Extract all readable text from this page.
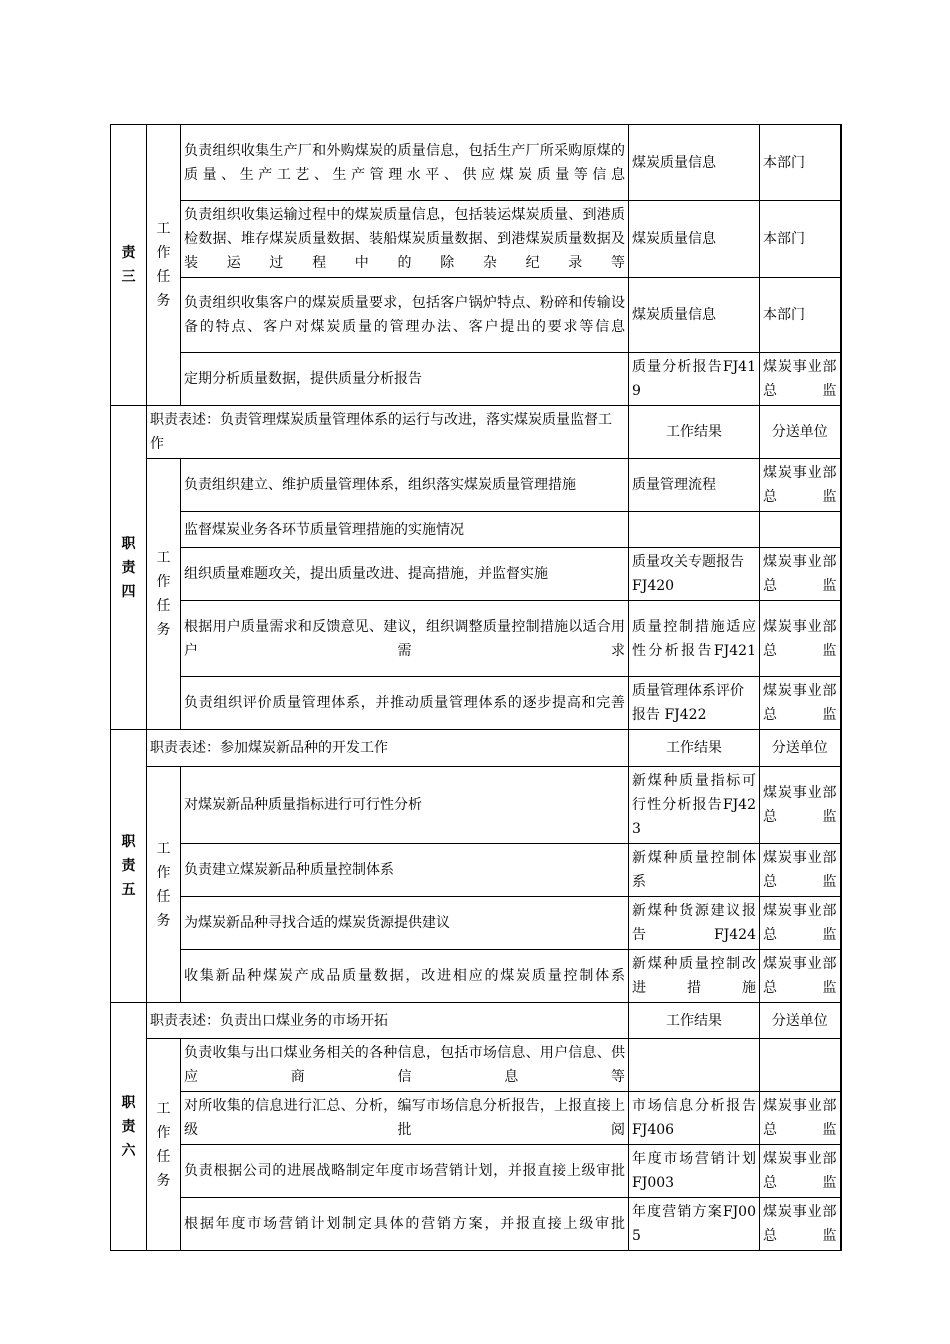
责三	工作任务	负责组织收集生产厂和外购煤炭的质量信息，包括生产厂所采购原煤的质量、生产工艺、生产管理水平、供应煤炭质量等信息	煤炭质量信息	本部门
		负责组织收集运输过程中的煤炭质量信息，包括装运煤炭质量、到港质检数据、堆存煤炭质量数据、装船煤炭质量数据、到港煤炭质量数据及装运过程中的除杂纪录等	煤炭质量信息	本部门
		负责组织收集客户的煤炭质量要求，包括客户锅炉特点、粉碎和传输设备的特点、客户对煤炭质量的管理办法、客户提出的要求等信息	煤炭质量信息	本部门
		定期分析质量数据，提供质量分析报告	质量分析报告FJ419	煤炭事业部总监
职责四	职责表述：负责管理煤炭质量管理体系的运行与改进，落实煤炭质量监督工作		工作结果	分送单位
	工作任务	负责组织建立、维护质量管理体系，组织落实煤炭质量管理措施	质量管理流程	煤炭事业部总监
		监督煤炭业务各环节质量管理措施的实施情况		
		组织质量难题攻关，提出质量改进、提高措施，并监督实施	质量攻关专题报告 FJ420	煤炭事业部总监
		根据用户质量需求和反馈意见、建议，组织调整质量控制措施以适合用户需求	质量控制措施适应性分析报告FJ421	煤炭事业部总监
		负责组织评价质量管理体系，并推动质量管理体系的逐步提高和完善	质量管理体系评价报告 FJ422	煤炭事业部总监
职责五	职责表述：参加煤炭新品种的开发工作		工作结果	分送单位
	工作任务	对煤炭新品种质量指标进行可行性分析	新煤种质量指标可行性分析报告FJ423	煤炭事业部总监
		负责建立煤炭新品种质量控制体系	新煤种质量控制体系	煤炭事业部总监
		为煤炭新品种寻找合适的煤炭货源提供建议	新煤种货源建议报告 FJ424	煤炭事业部总监
		收集新品种煤炭产成品质量数据，改进相应的煤炭质量控制体系	新煤种质量控制改进措施	煤炭事业部总监
职责六	职责表述：负责出口煤业务的市场开拓		工作结果	分送单位
	工作任务	负责收集与出口煤业务相关的各种信息，包括市场信息、用户信息、供应商信息等		
		对所收集的信息进行汇总、分析，编写市场信息分析报告，上报直接上级批阅	市场信息分析报告 FJ406	煤炭事业部总监
		负责根据公司的进展战略制定年度市场营销计划，并报直接上级审批	年度市场营销计划 FJ003	煤炭事业部总监
		根据年度市场营销计划制定具体的营销方案，并报直接上级审批	年度营销方案FJ005	煤炭事业部总监
